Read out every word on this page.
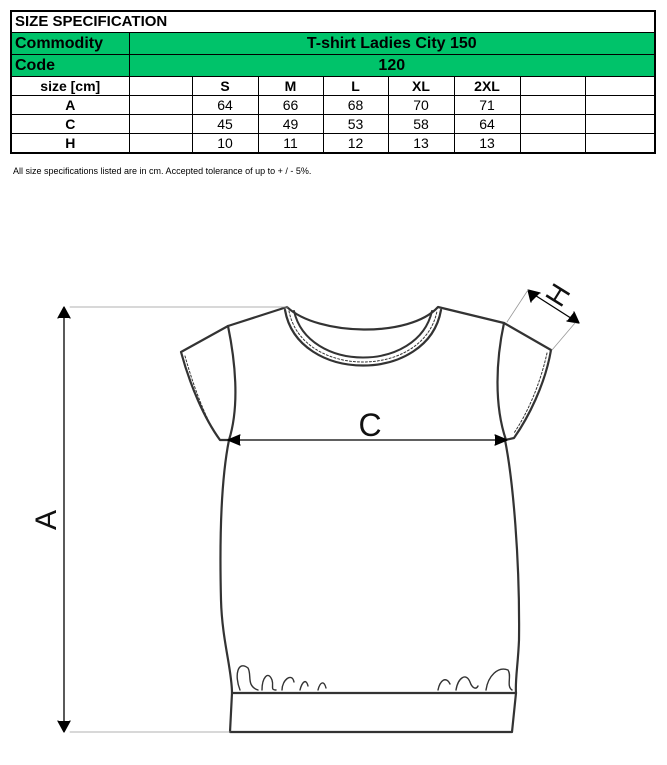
SIZE SPECIFICATION								
Commodity	T-shirt Ladies City 150							
Code	120							
size [cm]		S	M	L	XL	2XL		
A		64	66	68	70	71		
C		45	49	53	58	64		
H		10	11	12	13	13		
All size specifications listed are in cm. Accepted tolerance of up to + / - 5%.
A
C
H
